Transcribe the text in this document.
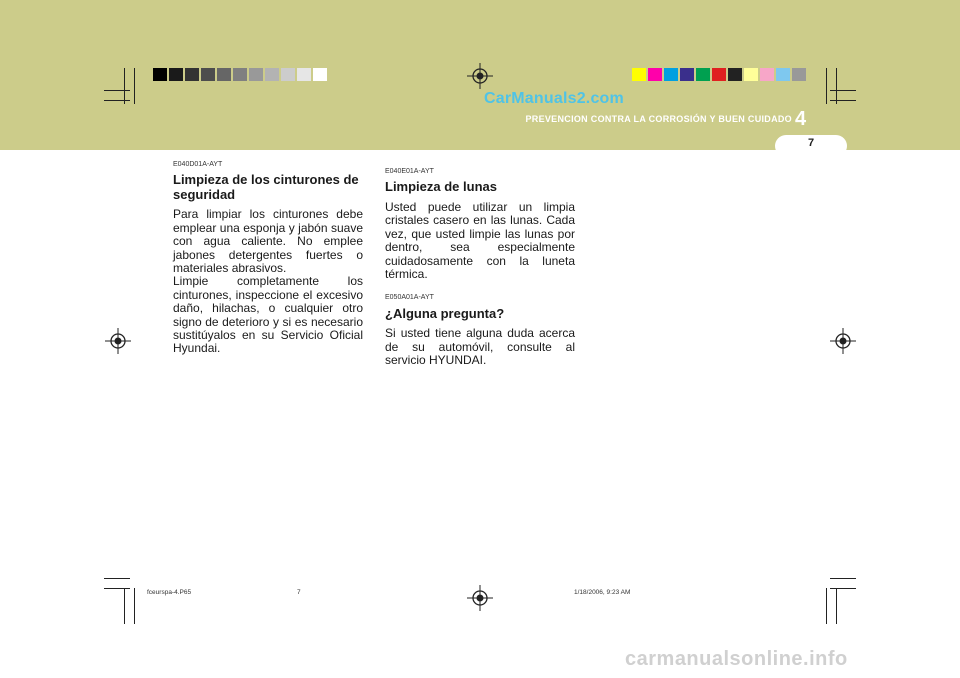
CarManuals2.com
PREVENCION CONTRA LA CORROSIÓN Y BUEN CUIDADO 4
7

E040D01A-AYT

Limpieza de los cinturones de seguridad

Para limpiar los cinturones debe emplear una esponja y jabón suave con agua caliente. No emplee jabones detergentes fuertes o materiales abrasivos.

Limpie completamente los cinturones, inspeccione el excesivo daño, hilachas, o cualquier otro signo de deterioro y si es necesario sustitúyalos en su Servicio Oficial Hyundai.

E040E01A-AYT

Limpieza de lunas

Usted puede utilizar un limpia cristales casero en las lunas. Cada vez, que usted limpie las lunas por dentro, sea especialmente cuidadosamente con la luneta térmica.

E050A01A-AYT

¿Alguna pregunta?

Si usted tiene alguna duda acerca de su automóvil, consulte al servicio HYUNDAI.

fceurspa-4.P65	7	1/18/2006, 9:23 AM
carmanualsonline.info
